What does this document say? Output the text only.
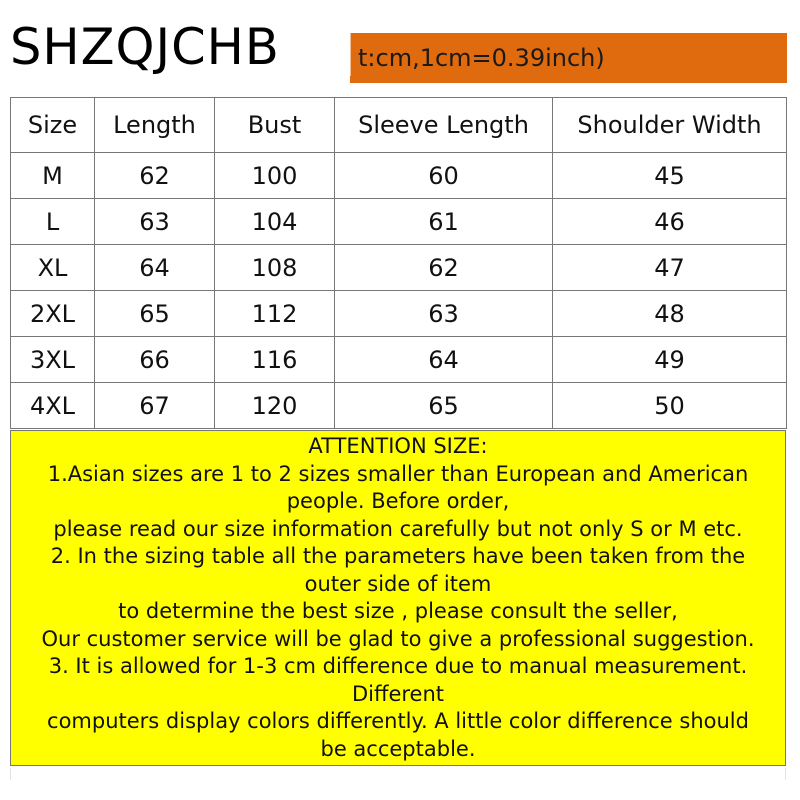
t:cm,1cm=0.39inch)
SHZQJCHB
Size	Length	Bust	Sleeve Length	Shoulder Width
M	62	100	60	45
L	63	104	61	46
XL	64	108	62	47
2XL	65	112	63	48
3XL	66	116	64	49
4XL	67	120	65	50
ATTENTION SIZE:
1.Asian sizes are 1 to 2 sizes smaller than European and American
people. Before order,
please read our size information carefully but not only S or M etc.
2. In the sizing table all the parameters have been taken from the
outer side of item
to determine the best size , please consult the seller,
Our customer service will be glad to give a professional suggestion.
3. It is allowed for 1-3 cm difference due to manual measurement.
Different
computers display colors differently. A little color difference should
be acceptable.
